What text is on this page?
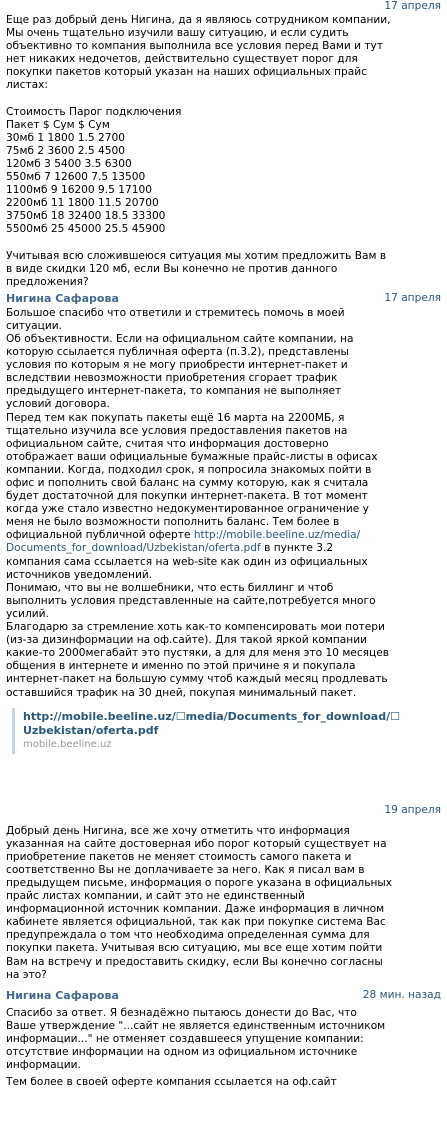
17 апреля

Еще раз добрый день Нигина, да я являюсь сотрудником компании,
Мы очень тщательно изучили вашу ситуацию, и если судить
объективно то компания выполнила все условия перед Вами и тут
нет никаких недочетов, действительно существует порог для
покупки пакетов который указан на наших официальных прайс
листах:

Стоимость Парог подключения
Пакет $ Сум $ Сум
30мб 1 1800 1.5 2700
75мб 2 3600 2.5 4500
120мб 3 5400 3.5 6300
550мб 7 12600 7.5 13500
1100мб 9 16200 9.5 17100
2200мб 11 1800 11.5 20700
3750мб 18 32400 18.5 33300
5500мб 25 45000 25.5 45900

Учитывая всю сложившеюся ситуация мы хотим предложить Вам в
в виде скидки 120 мб, если Вы конечно не против данного
предложения?

Нигина Сафарова	17 апреля

Большое спасибо что ответили и стремитесь помочь в моей
ситуации.
Об объективности. Если на официальном сайте компании, на
которую ссылается публичная оферта (п.3.2), представлены
условия по которым я не могу приобрести интернет-пакет и
вследствии невозможности приобретения сгорает трафик
предыдущего интернет-пакета, то компания не выполняет
условий договора.
Перед тем как покупать пакеты ещё 16 марта на 2200МБ, я
тщательно изучила все условия предоставления пакетов на
официальном сайте, считая что информация достоверно
отображает ваши официальные бумажные прайс-листы в офисах
компании. Когда, подходил срок, я попросила знакомых пойти в
офис и пополнить свой баланс на сумму которую, как я считала
будет достаточной для покупки интернет-пакета. В тот момент
когда уже стало известно недокументированное ограничение у
меня не было возможности пополнить баланс. Тем более в
официальной публичной оферте http://mobile.beeline.uz/media/
Documents_for_download/Uzbekistan/oferta.pdf в пункте 3.2
компания сама ссылается на web-site как один из официальных
источников уведомлений.
Понимаю, что вы не волшебники, что есть биллинг и чтоб
выполнить условия представленные на сайте,потребуется много
усилий.
Благодарю за стремление хоть как-то компенсировать мои потери
(из-за дизинформации на оф.сайте). Для такой яркой компании
какие-то 2000мегабайт это пустяки, а для для меня это 10 месяцев
общения в интернете и именно по этой причине я и покупала
интернет-пакет на большую сумму чтоб каждый месяц продлевать
оставшийся трафик на 30 дней, покупая минимальный пакет.

http://mobile.beeline.uz/☐media/Documents_for_download/☐
Uzbekistan/oferta.pdf
mobile.beeline.uz
19 апреля

Добрый день Нигина, все же хочу отметить что информация
указанная на сайте достоверная ибо порог который существует на
приобретение пакетов не меняет стоимость самого пакета и
соответственно Вы не доплачиваете за него. Как я писал вам в
предыдущем письме, информация о пороге указана в официальных
прайс листах компании, и сайт это не единственный
информационной источник компании. Даже информация в личном
кабинете является официальной, так как при покупке система Вас
предупреждала о том что необходима определенная сумма для
покупки пакета. Учитывая всю ситуацию, мы все еще хотим пойти
Вам на встречу и предоставить скидку, если Вы конечно согласны
на это?

Нигина Сафарова	28 мин. назад

Спасибо за ответ. Я безнадёжно пытаюсь донести до Вас, что
Ваше утверждение "...сайт не является единственным источником
информации..." не отменяет создавшееся упущение компании:
отсутствие информации на одном из официальном источнике
информации.

Тем более в своей оферте компания ссылается на оф.сайт
